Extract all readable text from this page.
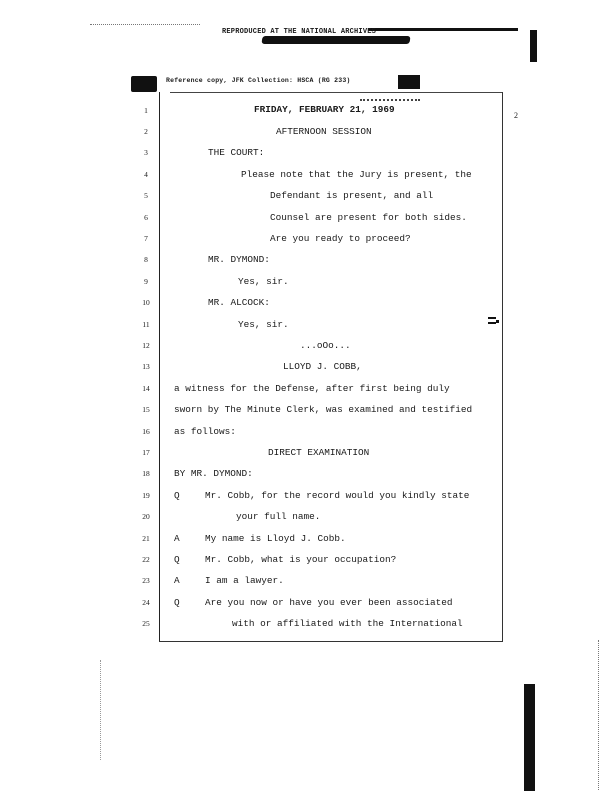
REPRODUCED AT THE NATIONAL ARCHIVES
Reference copy, JFK Collection: HSCA (RG 233)
2
1
2
3
4
5
6
7
8
9
10
11
12
13
14
15
16
17
18
19
20
21
22
23
24
25
FRIDAY, FEBRUARY 21, 1969
AFTERNOON SESSION
THE COURT:
Please note that the Jury is present, the
Defendant is present, and all
Counsel are present for both sides.
Are you ready to proceed?
MR. DYMOND:
Yes, sir.
MR. ALCOCK:
Yes, sir.
...oOo...
LLOYD J. COBB,
a witness for the Defense, after first being duly
sworn by The Minute Clerk, was examined and testified
as follows:
DIRECT EXAMINATION
BY MR. DYMOND:
Q	Mr. Cobb, for the record would you kindly state
your full name.
A	My name is Lloyd J. Cobb.
Q	Mr. Cobb, what is your occupation?
A	I am a lawyer.
Q	Are you now or have you ever been associated
with or affiliated with the International
